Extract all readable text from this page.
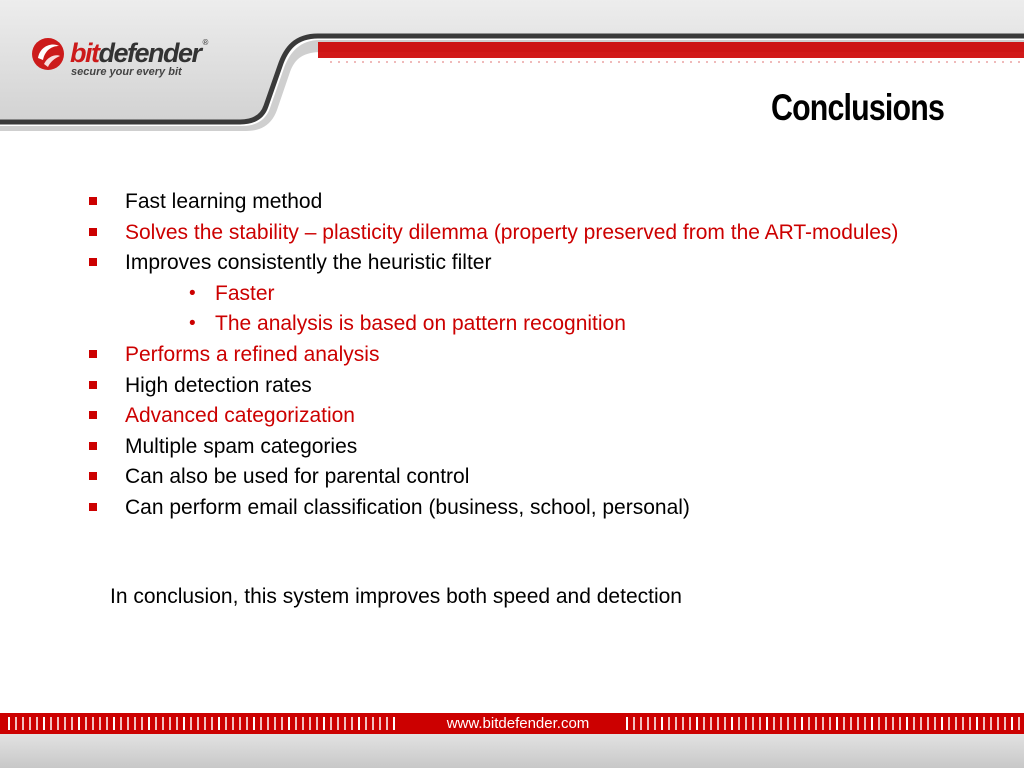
bitdefender ®
secure your every bit
Conclusions
Fast learning method
Solves the stability – plasticity dilemma (property preserved from the ART-modules)
Improves consistently the heuristic filter
• Faster
• The analysis is based on pattern recognition
Performs a refined analysis
High detection rates
Advanced categorization
Multiple spam categories
Can also be used for parental control
Can perform email classification (business, school, personal)

In conclusion, this system improves both speed and detection

www.bitdefender.com
